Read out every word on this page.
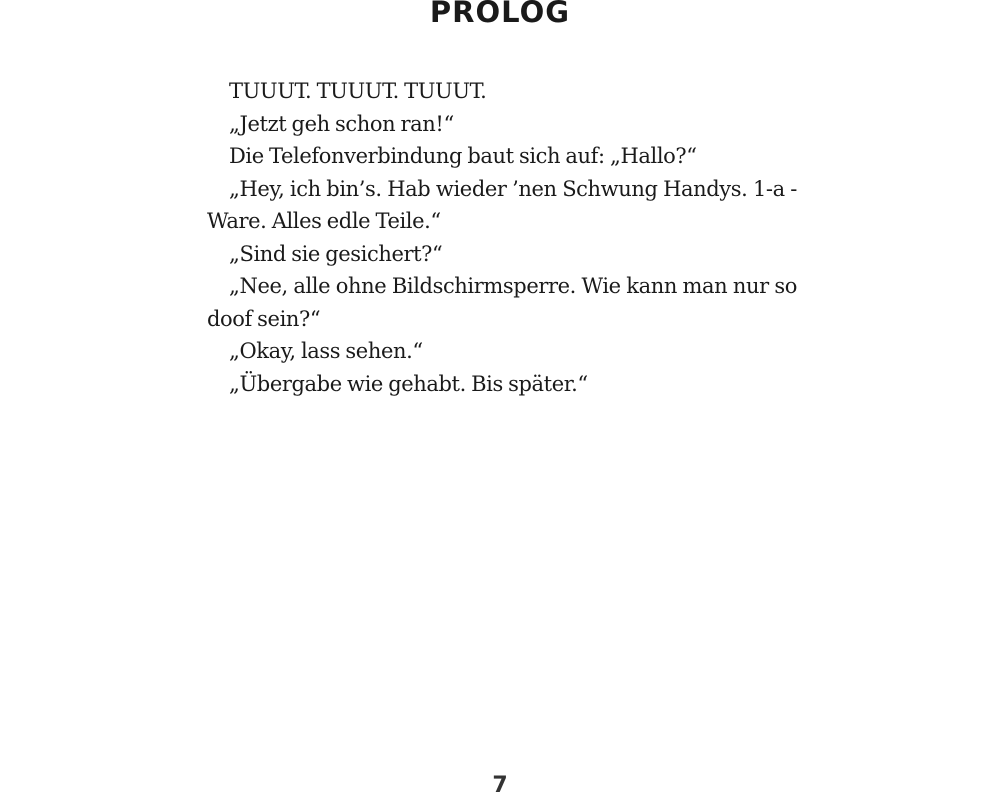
PROLOG

TUUUT. TUUUT. TUUUT.

„Jetzt geh schon ran!“

Die Telefonverbindung baut sich auf: „Hallo?“

„Hey, ich bin’s. Hab wieder ’nen Schwung Handys. 1-a -Ware. Alles edle Teile.“

„Sind sie gesichert?“

„Nee, alle ohne Bildschirmsperre. Wie kann man nur so doof sein?“

„Okay, lass sehen.“

„Übergabe wie gehabt. Bis später.“

7
